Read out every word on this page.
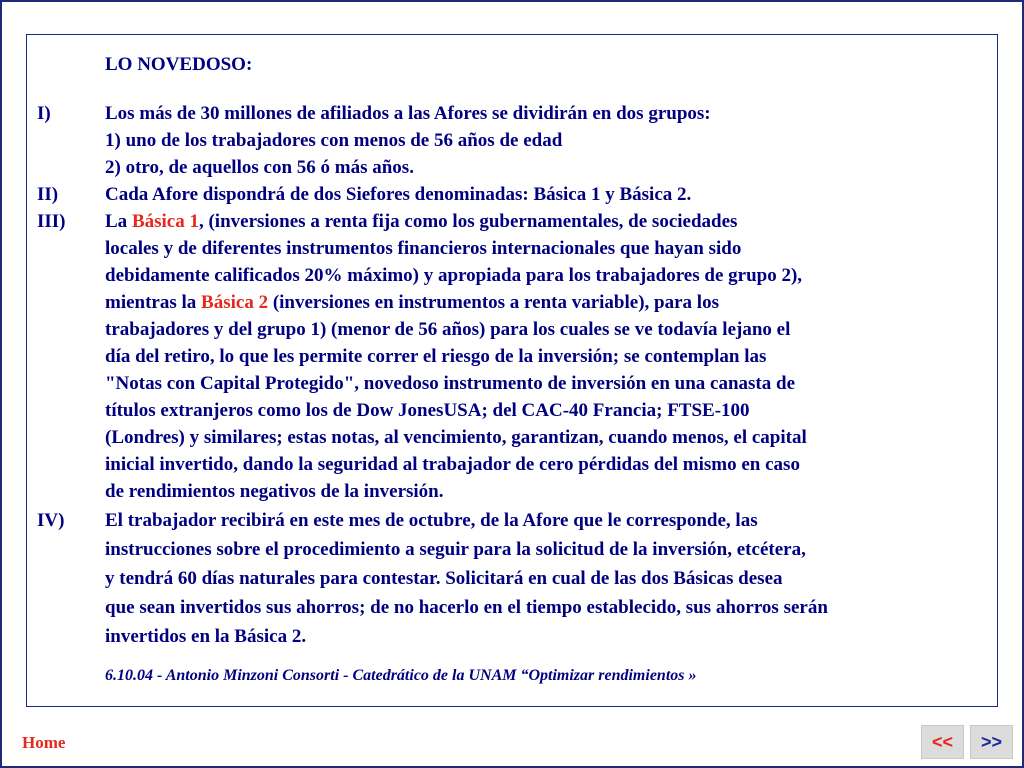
LO NOVEDOSO:
I)	Los más de 30 millones de afiliados a las Afores se dividirán en dos grupos:
1) uno de los trabajadores con menos de 56 años de edad
2) otro, de aquellos con 56 ó más años.
II) Cada Afore dispondrá de dos Siefores denominadas: Básica 1 y Básica 2.
III) La Básica 1, (inversiones a renta fija como los gubernamentales, de sociedades
locales y de diferentes instrumentos financieros internacionales que hayan sido
debidamente calificados 20% máximo) y apropiada para los trabajadores de grupo 2),
mientras la Básica 2 (inversiones en instrumentos a renta variable), para los
trabajadores y del grupo 1) (menor de 56 años) para los cuales se ve todavía lejano el
día del retiro, lo que les permite correr el riesgo de la inversión; se contemplan las
"Notas con Capital Protegido", novedoso instrumento de inversión en una canasta de
títulos extranjeros como los de Dow JonesUSA; del CAC-40 Francia; FTSE-100
(Londres) y similares; estas notas, al vencimiento, garantizan, cuando menos, el capital
inicial invertido, dando la seguridad al trabajador de cero pérdidas del mismo en caso
de rendimientos negativos de la inversión.
IV) El trabajador recibirá en este mes de octubre, de la Afore que le corresponde, las
instrucciones sobre el procedimiento a seguir para la solicitud de la inversión, etcétera,
y tendrá 60 días naturales para contestar. Solicitará en cual de las dos Básicas desea
que sean invertidos sus ahorros; de no hacerlo en el tiempo establecido, sus ahorros serán
invertidos en la Básica 2.
6.10.04 - Antonio Minzoni Consorti - Catedrático de la UNAM “Optimizar rendimientos »
Home	<<	>>
